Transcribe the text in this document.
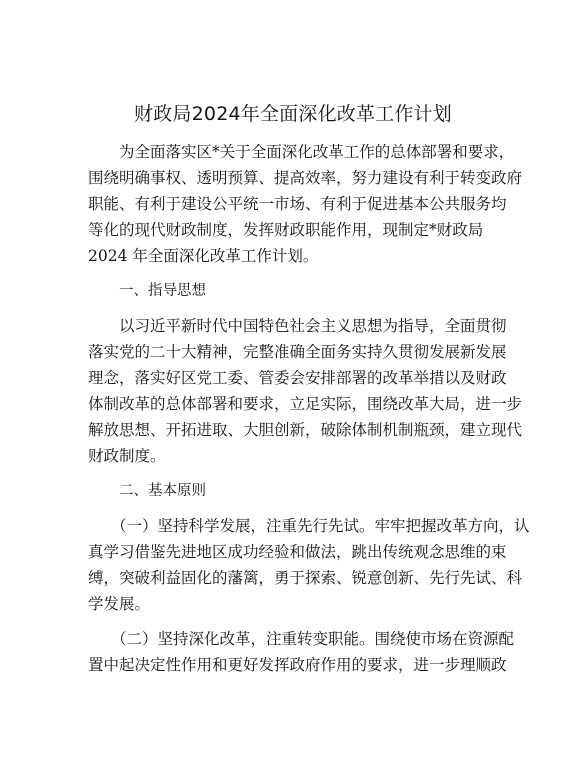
财政局2024年全面深化改革工作计划
为全面落实区*关于全面深化改革工作的总体部署和要求，
围绕明确事权、透明预算、提高效率，努力建设有利于转变政府
职能、有利于建设公平统一市场、有利于促进基本公共服务均
等化的现代财政制度，发挥财政职能作用，现制定*财政局
2024 年全面深化改革工作计划。
一、指导思想
以习近平新时代中国特色社会主义思想为指导，全面贯彻
落实党的二十大精神，完整准确全面务实持久贯彻发展新发展
理念，落实好区党工委、管委会安排部署的改革举措以及财政
体制改革的总体部署和要求，立足实际，围绕改革大局，进一步
解放思想、开拓进取、大胆创新，破除体制机制瓶颈，建立现代
财政制度。
二、基本原则
（一）坚持科学发展，注重先行先试。牢牢把握改革方向，认
真学习借鉴先进地区成功经验和做法，跳出传统观念思维的束
缚，突破利益固化的藩篱，勇于探索、锐意创新、先行先试、科
学发展。
（二）坚持深化改革，注重转变职能。围绕使市场在资源配
置中起决定性作用和更好发挥政府作用的要求，进一步理顺政
